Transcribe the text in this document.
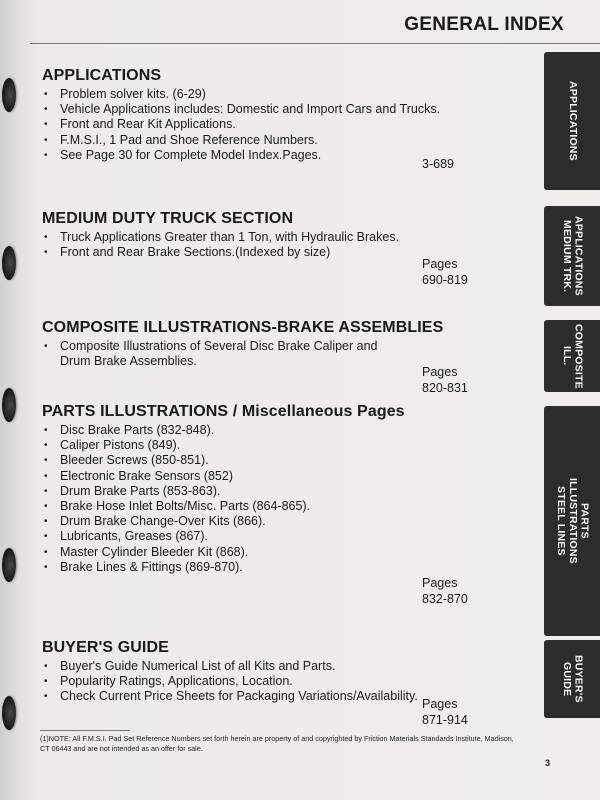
GENERAL INDEX
APPLICATIONS
APPLICATIONS
MEDIUM TRK.
COMPOSITE
ILL.
PARTS
ILLUSTRATIONS
STEEL LINES
BUYER'S
GUIDE
APPLICATIONS
• Problem solver kits. (6-29)
• Vehicle Applications includes: Domestic and Import Cars and Trucks.
• Front and Rear Kit Applications.
• F.M.S.I., 1 Pad and Shoe Reference Numbers.
• See Page 30 for Complete Model Index.Pages.
3-689
MEDIUM DUTY TRUCK SECTION
• Truck Applications Greater than 1 Ton, with Hydraulic Brakes.
• Front and Rear Brake Sections.(Indexed by size)
Pages
690-819
COMPOSITE ILLUSTRATIONS-BRAKE ASSEMBLIES
• Composite Illustrations of Several Disc Brake Caliper and Drum Brake Assemblies.
Pages
820-831
PARTS ILLUSTRATIONS / Miscellaneous Pages
• Disc Brake Parts (832-848).
• Caliper Pistons (849).
• Bleeder Screws (850-851).
• Electronic Brake Sensors (852)
• Drum Brake Parts (853-863).
• Brake Hose Inlet Bolts/Misc. Parts (864-865).
• Drum Brake Change-Over Kits (866).
• Lubricants, Greases (867).
• Master Cylinder Bleeder Kit (868).
• Brake Lines & Fittings (869-870).
Pages
832-870
BUYER'S GUIDE
• Buyer's Guide Numerical List of all Kits and Parts.
• Popularity Ratings, Applications, Location.
• Check Current Price Sheets for Packaging Variations/Availability.
Pages
871-914
(1)NOTE: All F.M.S.I. Pad Set Reference Numbers set forth herein are property of and copyrighted by Friction Materials Standards Institute, Madison, CT 06443 and are not intended as an offer for sale.
3
